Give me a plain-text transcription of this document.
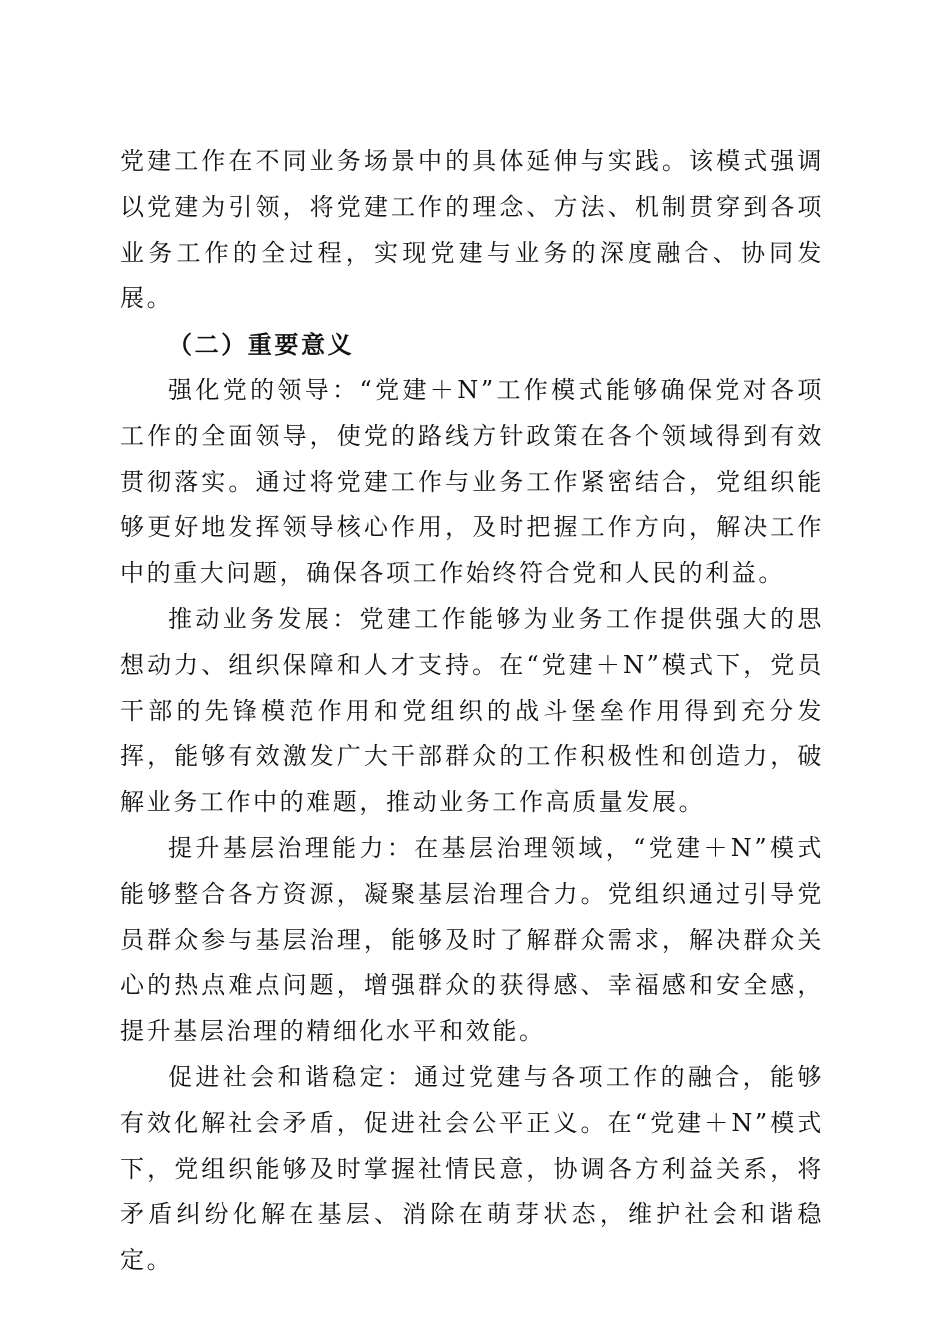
党建工作在不同业务场景中的具体延伸与实践。该模式强调以党建为引领，将党建工作的理念、方法、机制贯穿到各项业务工作的全过程，实现党建与业务的深度融合、协同发展。

（二）重要意义

强化党的领导：“党建＋N”工作模式能够确保党对各项工作的全面领导，使党的路线方针政策在各个领域得到有效贯彻落实。通过将党建工作与业务工作紧密结合，党组织能够更好地发挥领导核心作用，及时把握工作方向，解决工作中的重大问题，确保各项工作始终符合党和人民的利益。

推动业务发展：党建工作能够为业务工作提供强大的思想动力、组织保障和人才支持。在“党建＋N”模式下，党员干部的先锋模范作用和党组织的战斗堡垒作用得到充分发挥，能够有效激发广大干部群众的工作积极性和创造力，破解业务工作中的难题，推动业务工作高质量发展。

提升基层治理能力：在基层治理领域，“党建＋N”模式能够整合各方资源，凝聚基层治理合力。党组织通过引导党员群众参与基层治理，能够及时了解群众需求，解决群众关心的热点难点问题，增强群众的获得感、幸福感和安全感，提升基层治理的精细化水平和效能。

促进社会和谐稳定：通过党建与各项工作的融合，能够有效化解社会矛盾，促进社会公平正义。在“党建＋N”模式下，党组织能够及时掌握社情民意，协调各方利益关系，将矛盾纠纷化解在基层、消除在萌芽状态，维护社会和谐稳定。
